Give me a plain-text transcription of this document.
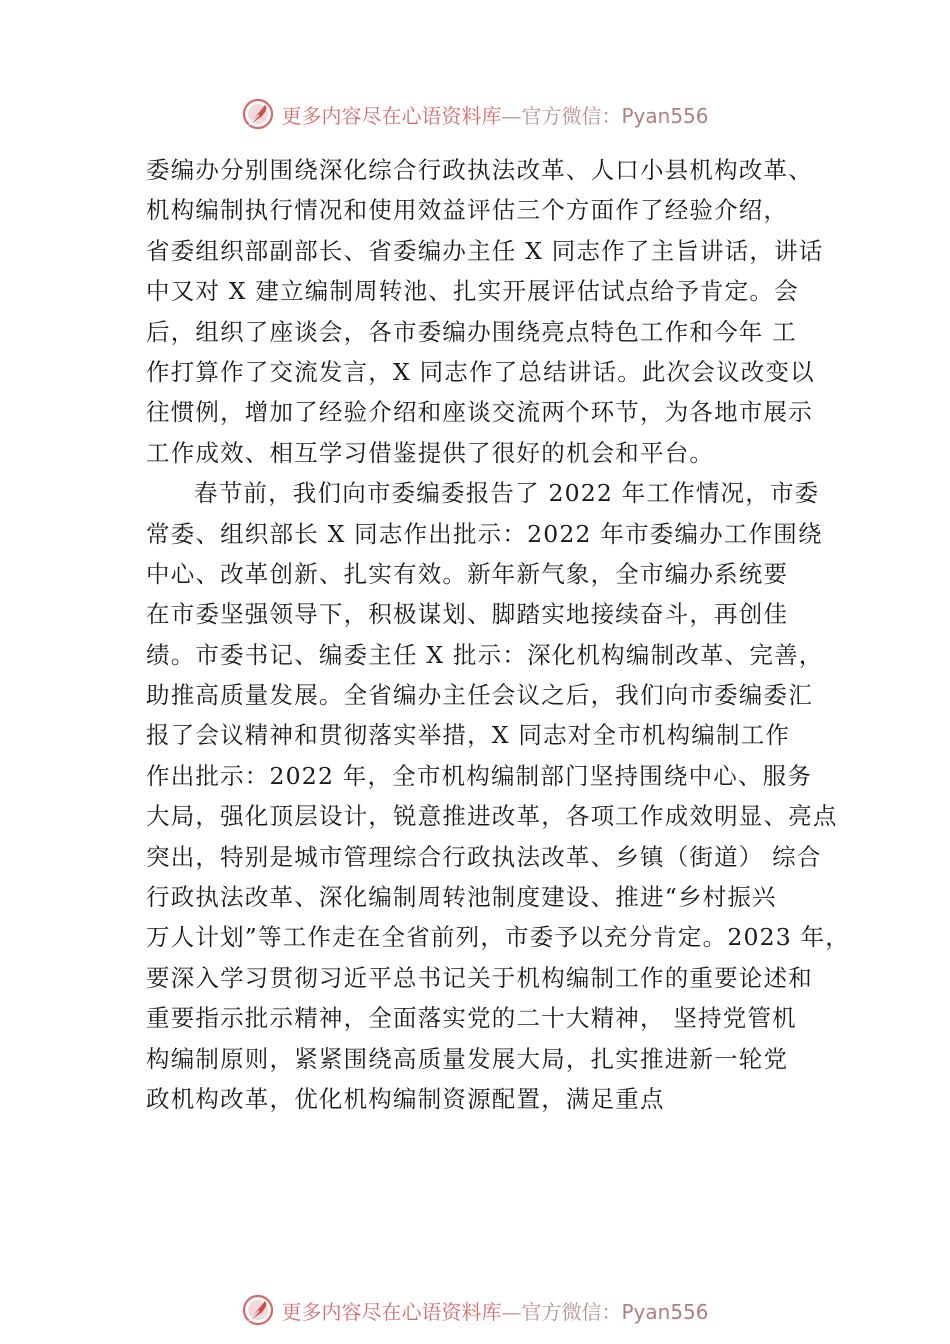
更多内容尽在心语资料库—官方微信：Pyan556
委编办分别围绕深化综合行政执法改革、人口小县机构改革、
机构编制执行情况和使用效益评估三个方面作了经验介绍，
省委组织部副部长、省委编办主任 X 同志作了主旨讲话，讲话
中又对 X 建立编制周转池、扎实开展评估试点给予肯定。会
后，组织了座谈会，各市委编办围绕亮点特色工作和今年 工
作打算作了交流发言，X 同志作了总结讲话。此次会议改变以
往惯例，增加了经验介绍和座谈交流两个环节，为各地市展示
工作成效、相互学习借鉴提供了很好的机会和平台。
春节前，我们向市委编委报告了 2022 年工作情况，市委
常委、组织部长 X 同志作出批示：2022 年市委编办工作围绕
中心、改革创新、扎实有效。新年新气象，全市编办系统要
在市委坚强领导下，积极谋划、脚踏实地接续奋斗，再创佳
绩。市委书记、编委主任 X 批示：深化机构编制改革、完善，
助推高质量发展。全省编办主任会议之后，我们向市委编委汇
报了会议精神和贯彻落实举措，X 同志对全市机构编制工作
作出批示：2022 年，全市机构编制部门坚持围绕中心、服务
大局，强化顶层设计，锐意推进改革，各项工作成效明显、亮点
突出，特别是城市管理综合行政执法改革、乡镇（街道） 综合
行政执法改革、深化编制周转池制度建设、推进“乡村振兴
万人计划”等工作走在全省前列，市委予以充分肯定。2023 年，
要深入学习贯彻习近平总书记关于机构编制工作的重要论述和
重要指示批示精神，全面落实党的二十大精神， 坚持党管机
构编制原则，紧紧围绕高质量发展大局，扎实推进新一轮党
政机构改革，优化机构编制资源配置，满足重点
更多内容尽在心语资料库—官方微信：Pyan556
